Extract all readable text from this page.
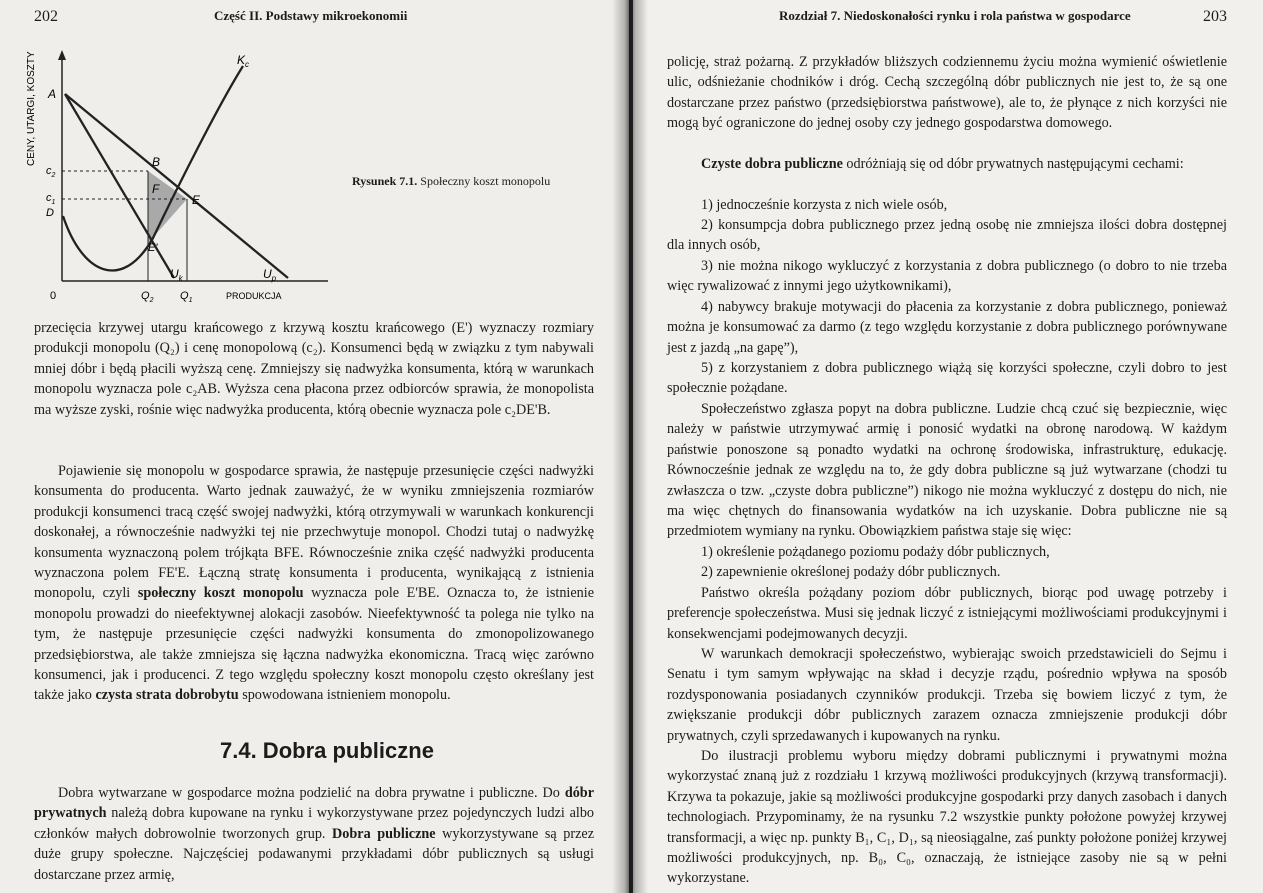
202	Część II. Podstawy mikroekonomii
CENY, UTARGI, KOSZTY
PRODUKCJA
0
A
B
F
E
E'
$K_c$
$U_k$	$U_p$
$c_2$
$c_1$
D
$Q_2$ $Q_1$
Rysunek 7.1. Społeczny koszt monopolu

przecięcia krzywej utargu krańcowego z krzywą kosztu krańcowego (E') wyznaczy rozmiary produkcji monopolu (Q₂) i cenę monopolową (c₂). Konsumenci będą w związku z tym nabywali mniej dóbr i będą płacili wyższą cenę. Zmniejszy się nadwyżka konsumenta, którą w warunkach monopolu wyznacza pole c₂AB. Wyższa cena płacona przez odbiorców sprawia, że monopolista ma wyższe zyski, rośnie więc nadwyżka producenta, którą obecnie wyznacza pole c₂DE'B.

Pojawienie się monopolu w gospodarce sprawia, że następuje przesunięcie części nadwyżki konsumenta do producenta. Warto jednak zauważyć, że w wyniku zmniejszenia rozmiarów produkcji konsumenci tracą część swojej nadwyżki, którą otrzymywali w warunkach konkurencji doskonałej, a równocześnie nadwyżki tej nie przechwytuje monopol. Chodzi tutaj o nadwyżkę konsumenta wyznaczoną polem trójkąta BFE. Równocześnie znika część nadwyżki producenta wyznaczona polem FE'E. Łączną stratę konsumenta i producenta, wynikającą z istnienia monopolu, czyli społeczny koszt monopolu wyznacza pole E'BE. Oznacza to, że istnienie monopolu prowadzi do nieefektywnej alokacji zasobów. Nieefektywność ta polega nie tylko na tym, że następuje przesunięcie części nadwyżki konsumenta do zmonopolizowanego przedsiębiorstwa, ale także zmniejsza się łączna nadwyżka ekonomiczna. Tracą więc zarówno konsumenci, jak i producenci. Z tego względu społeczny koszt monopolu często określany jest także jako czysta strata dobrobytu spowodowana istnieniem monopolu.

7.4. Dobra publiczne

Dobra wytwarzane w gospodarce można podzielić na dobra prywatne i publiczne. Do dóbr prywatnych należą dobra kupowane na rynku i wykorzystywane przez pojedynczych ludzi albo członków małych dobrowolnie tworzonych grup. Dobra publiczne wykorzystywane są przez duże grupy społeczne. Najczęściej podawanymi przykładami dóbr publicznych są usługi dostarczane przez armię,

Rozdział 7. Niedoskonałości rynku i rola państwa w gospodarce	203

policję, straż pożarną. Z przykładów bliższych codziennemu życiu można wymienić oświetlenie ulic, odśnieżanie chodników i dróg. Cechą szczególną dóbr publicznych nie jest to, że są one dostarczane przez państwo (przedsiębiorstwa państwowe), ale to, że płynące z nich korzyści nie mogą być ograniczone do jednej osoby czy jednego gospodarstwa domowego.

Czyste dobra publiczne odróżniają się od dóbr prywatnych następującymi cechami:

1) jednocześnie korzysta z nich wiele osób,

2) konsumpcja dobra publicznego przez jedną osobę nie zmniejsza ilości dobra dostępnej dla innych osób,

3) nie można nikogo wykluczyć z korzystania z dobra publicznego (o dobro to nie trzeba więc rywalizować z innymi jego użytkownikami),

4) nabywcy brakuje motywacji do płacenia za korzystanie z dobra publicznego, ponieważ można je konsumować za darmo (z tego względu korzystanie z dobra publicznego porównywane jest z jazdą „na gapę”),

5) z korzystaniem z dobra publicznego wiążą się korzyści społeczne, czyli dobro to jest społecznie pożądane.

Społeczeństwo zgłasza popyt na dobra publiczne. Ludzie chcą czuć się bezpiecznie, więc należy w państwie utrzymywać armię i ponosić wydatki na obronę narodową. W każdym państwie ponoszone są ponadto wydatki na ochronę środowiska, infrastrukturę, edukację. Równocześnie jednak ze względu na to, że gdy dobra publiczne są już wytwarzane (chodzi tu zwłaszcza o tzw. „czyste dobra publiczne”) nikogo nie można wykluczyć z dostępu do nich, nie ma więc chętnych do finansowania wydatków na ich uzyskanie. Dobra publiczne nie są przedmiotem wymiany na rynku. Obowiązkiem państwa staje się więc:

1) określenie pożądanego poziomu podaży dóbr publicznych,

2) zapewnienie określonej podaży dóbr publicznych.

Państwo określa pożądany poziom dóbr publicznych, biorąc pod uwagę potrzeby i preferencje społeczeństwa. Musi się jednak liczyć z istniejącymi możliwościami produkcyjnymi i konsekwencjami podejmowanych decyzji.

W warunkach demokracji społeczeństwo, wybierając swoich przedstawicieli do Sejmu i Senatu i tym samym wpływając na skład i decyzje rządu, pośrednio wpływa na sposób rozdysponowania posiadanych czynników produkcji. Trzeba się bowiem liczyć z tym, że zwiększanie produkcji dóbr publicznych zarazem oznacza zmniejszenie produkcji dóbr prywatnych, czyli sprzedawanych i kupowanych na rynku.

Do ilustracji problemu wyboru między dobrami publicznymi i prywatnymi można wykorzystać znaną już z rozdziału 1 krzywą możliwości produkcyjnych (krzywą transformacji). Krzywa ta pokazuje, jakie są możliwości produkcyjne gospodarki przy danych zasobach i danych technologiach. Przypominamy, że na rysunku 7.2 wszystkie punkty położone powyżej krzywej transformacji, a więc np. punkty B₁, C₁, D₁, są nieosiągalne, zaś punkty położone poniżej krzywej możliwości produkcyjnych, np. B₀, C₀, oznaczają, że istniejące zasoby nie są w pełni wykorzystane.
